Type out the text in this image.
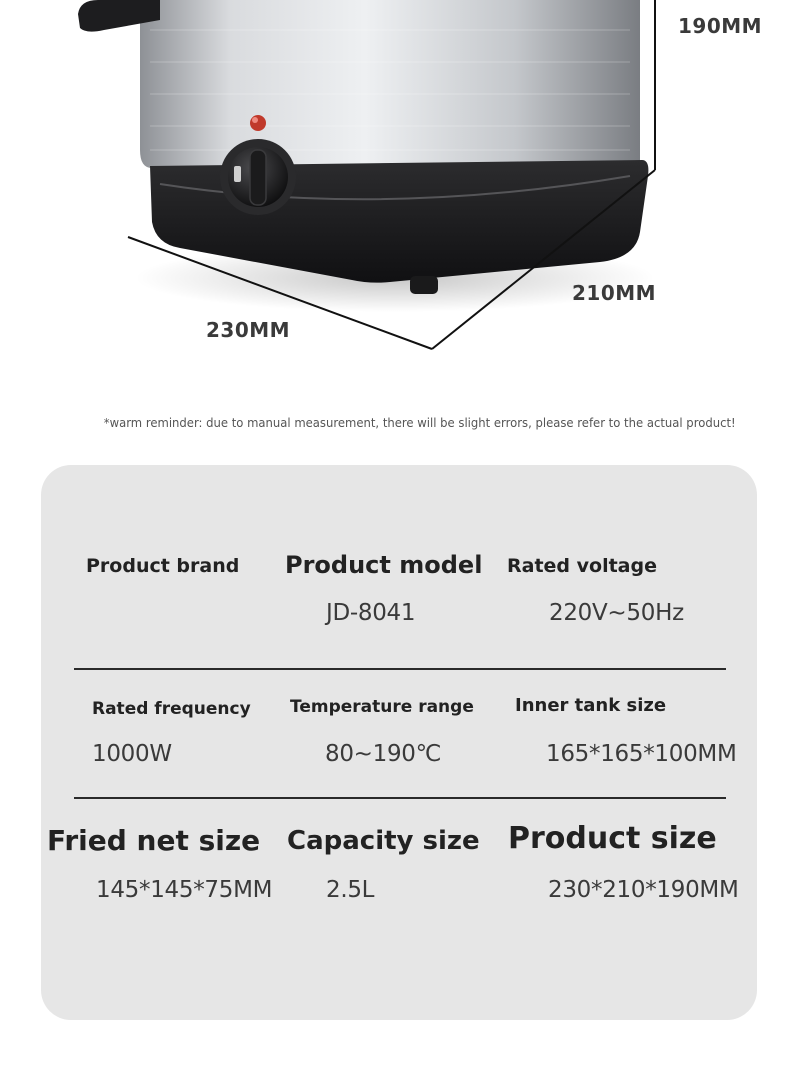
190MM
210MM
230MM
*warm reminder: due to manual measurement, there will be slight errors, please refer to the actual product!
Product brand Product model
JD-8041
Rated voltage
220V~50Hz
Rated frequency
1000W
Temperature range
80~190℃
Inner tank size
165*165*100MM
Fried net size
145*145*75MM
Capacity size
2.5L
Product size
230*210*190MM
